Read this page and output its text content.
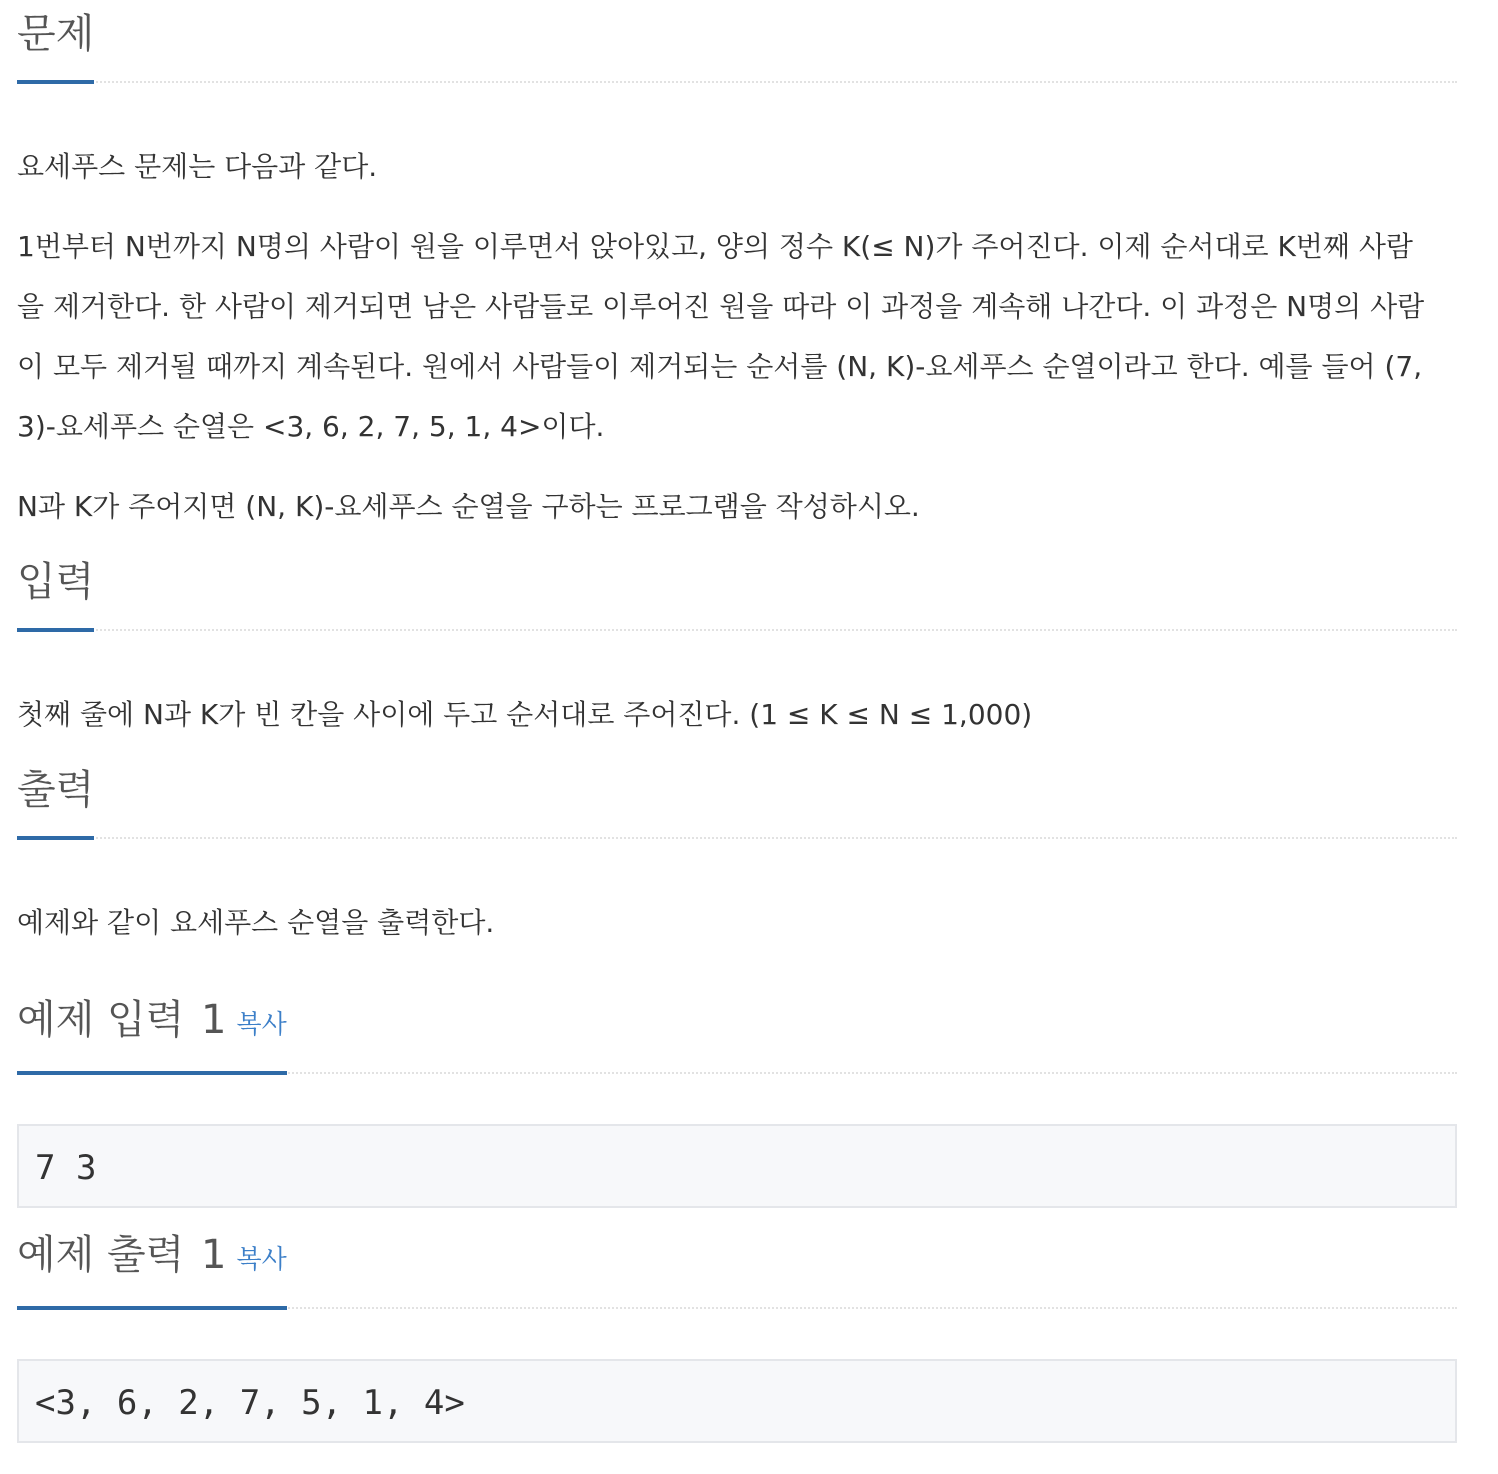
문제

요세푸스 문제는 다음과 같다.

1번부터 N번까지 N명의 사람이 원을 이루면서 앉아있고, 양의 정수 K(≤ N)가 주어진다. 이제 순서대로 K번째 사람

을 제거한다. 한 사람이 제거되면 남은 사람들로 이루어진 원을 따라 이 과정을 계속해 나간다. 이 과정은 N명의 사람

이 모두 제거될 때까지 계속된다. 원에서 사람들이 제거되는 순서를 (N, K)-요세푸스 순열이라고 한다. 예를 들어 (7,

3)-요세푸스 순열은 <3, 6, 2, 7, 5, 1, 4>이다.

N과 K가 주어지면 (N, K)-요세푸스 순열을 구하는 프로그램을 작성하시오.

입력

첫째 줄에 N과 K가 빈 칸을 사이에 두고 순서대로 주어진다. (1 ≤ K ≤ N ≤ 1,000)

출력

예제와 같이 요세푸스 순열을 출력한다.

예제 입력 1 복사
7 3
예제 출력 1 복사
<3, 6, 2, 7, 5, 1, 4>
